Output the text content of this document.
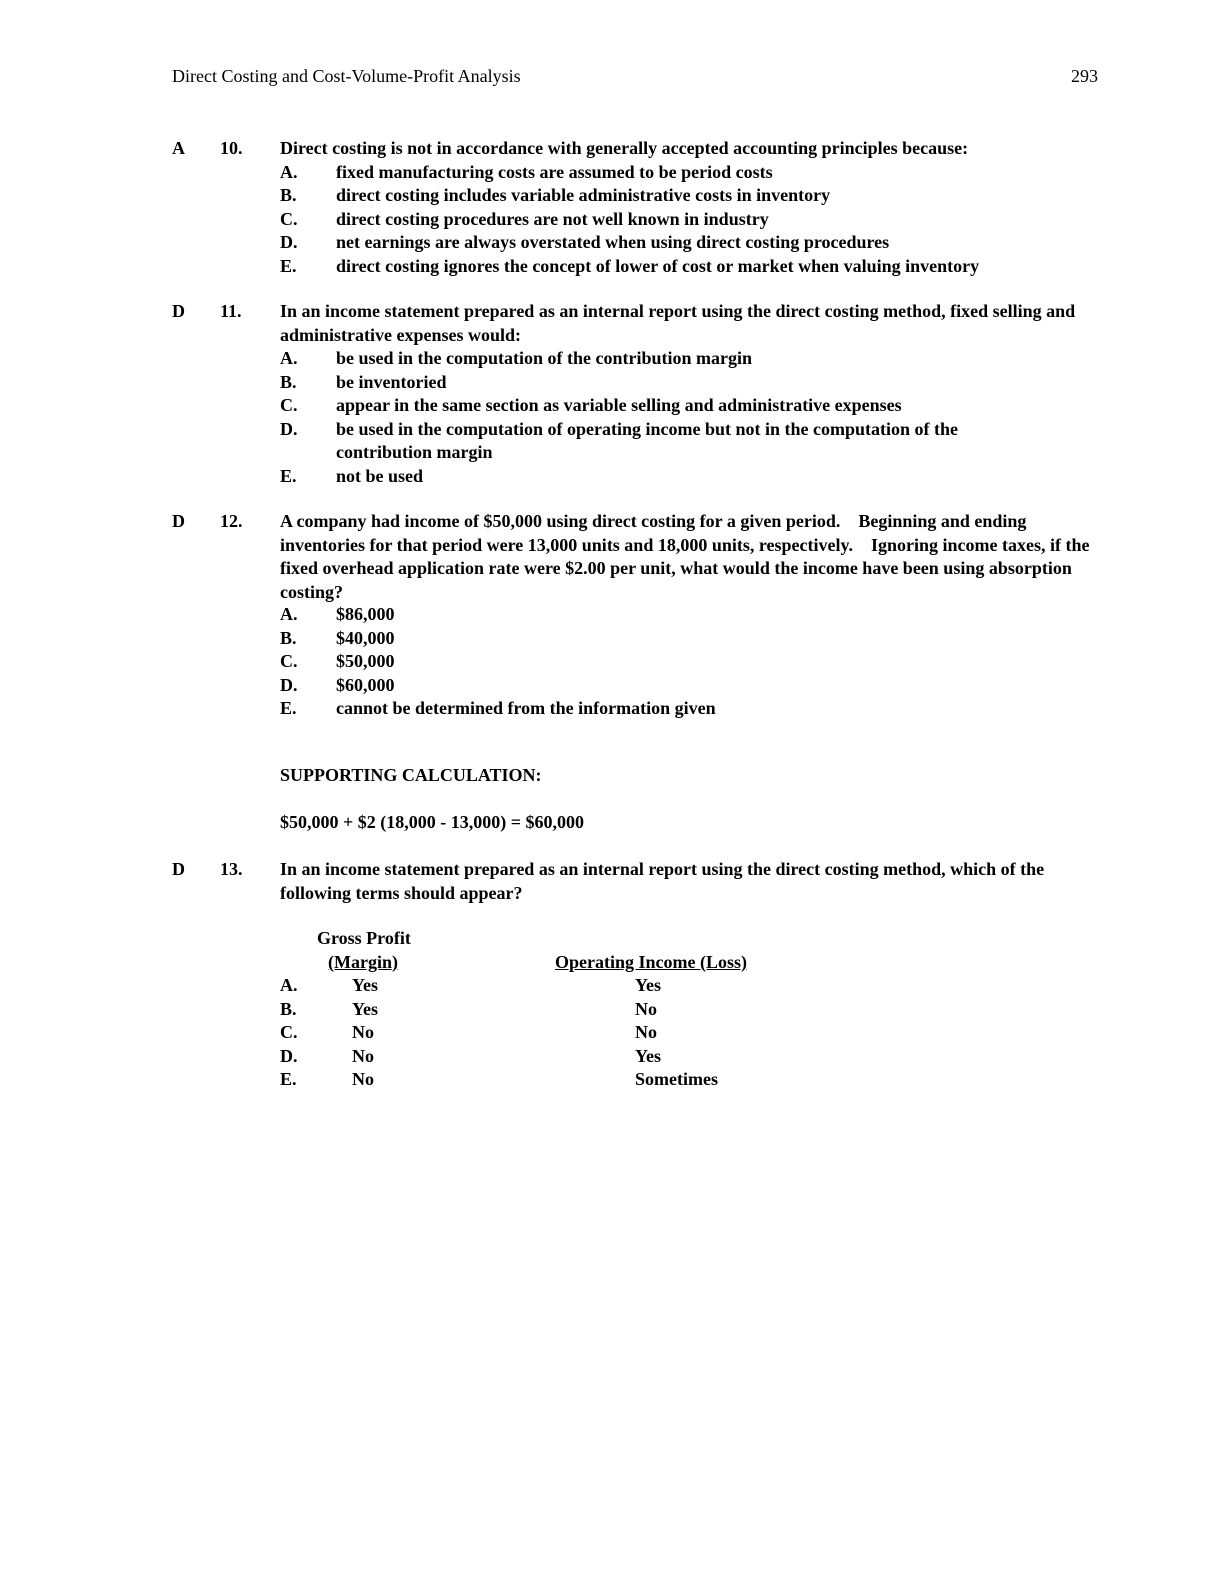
Direct Costing and Cost-Volume-Profit Analysis	293
A 10. Direct costing is not in accordance with generally accepted accounting principles because:
A. fixed manufacturing costs are assumed to be period costs
B. direct costing includes variable administrative costs in inventory
C. direct costing procedures are not well known in industry
D. net earnings are always overstated when using direct costing procedures
E. direct costing ignores the concept of lower of cost or market when valuing inventory
D 11. In an income statement prepared as an internal report using the direct costing method, fixed selling and administrative expenses would:
A. be used in the computation of the contribution margin
B. be inventoried
C. appear in the same section as variable selling and administrative expenses
D. be used in the computation of operating income but not in the computation of the contribution margin
E. not be used
D 12. A company had income of $50,000 using direct costing for a given period.    Beginning and ending inventories for that period were 13,000 units and 18,000 units, respectively.    Ignoring income taxes, if the fixed overhead application rate were $2.00 per unit, what would the income have been using absorption costing?
A. $86,000
B. $40,000
C. $50,000
D. $60,000
E. cannot be determined from the information given
SUPPORTING CALCULATION:
$50,000 + $2 (18,000 - 13,000) = $60,000
D 13. In an income statement prepared as an internal report using the direct costing method, which of the following terms should appear?
Gross Profit
(Margin)	Operating Income (Loss)
A.	Yes	Yes
B.	Yes	No
C.	No	No
D.	No	Yes
E.	No	Sometimes
